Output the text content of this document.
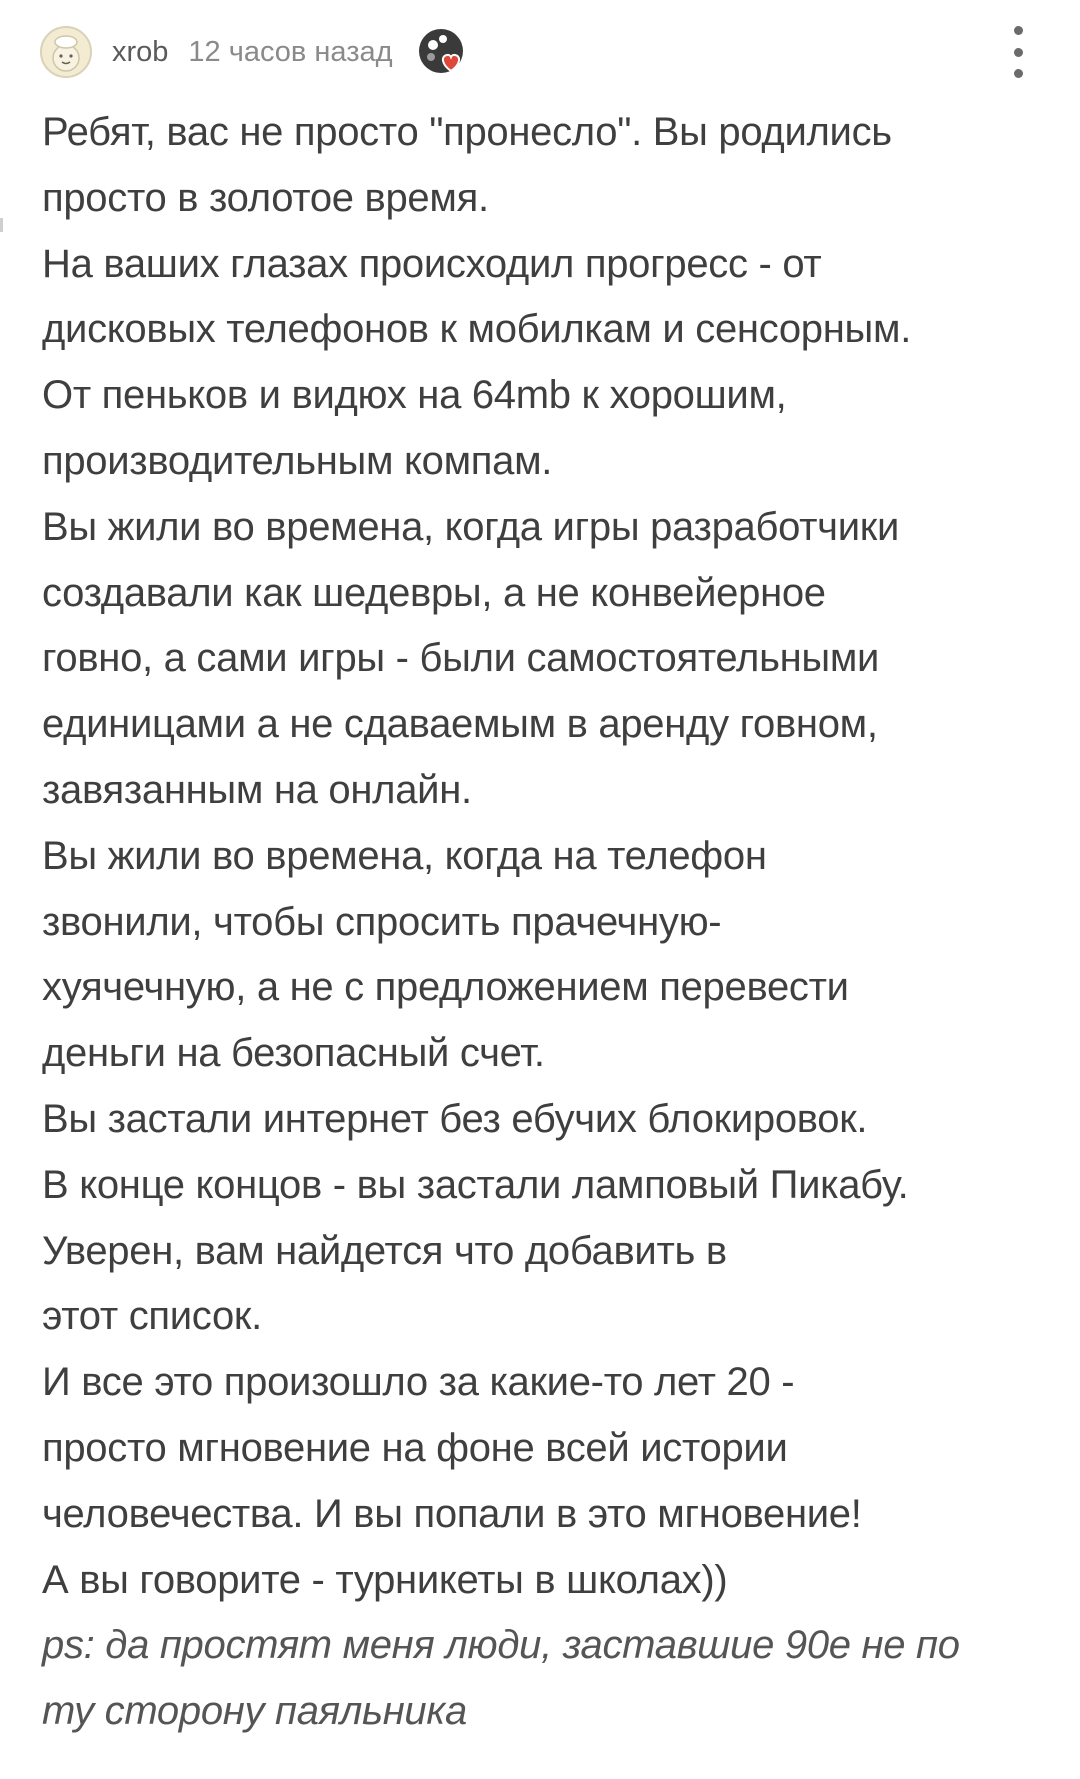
xrob 12 часов назад
Ребят, вас не просто "пронесло". Вы родились
просто в золотое время.
На ваших глазах происходил прогресс - от
дисковых телефонов к мобилкам и сенсорным.
От пеньков и видюх на 64mb к хорошим,
производительным компам.
Вы жили во времена, когда игры разработчики
создавали как шедевры, а не конвейерное
говно, а сами игры - были самостоятельными
единицами а не сдаваемым в аренду говном,
завязанным на онлайн.
Вы жили во времена, когда на телефон
звонили, чтобы спросить прачечную-
хуячечную, а не с предложением перевести
деньги на безопасный счет.
Вы застали интернет без ебучих блокировок.
В конце концов - вы застали ламповый Пикабу.
Уверен, вам найдется что добавить в
этот список.
И все это произошло за какие-то лет 20 -
просто мгновение на фоне всей истории
человечества. И вы попали в это мгновение!
А вы говорите - турникеты в школах))
ps: да простят меня люди, заставшие 90е не по
ту сторону паяльника
